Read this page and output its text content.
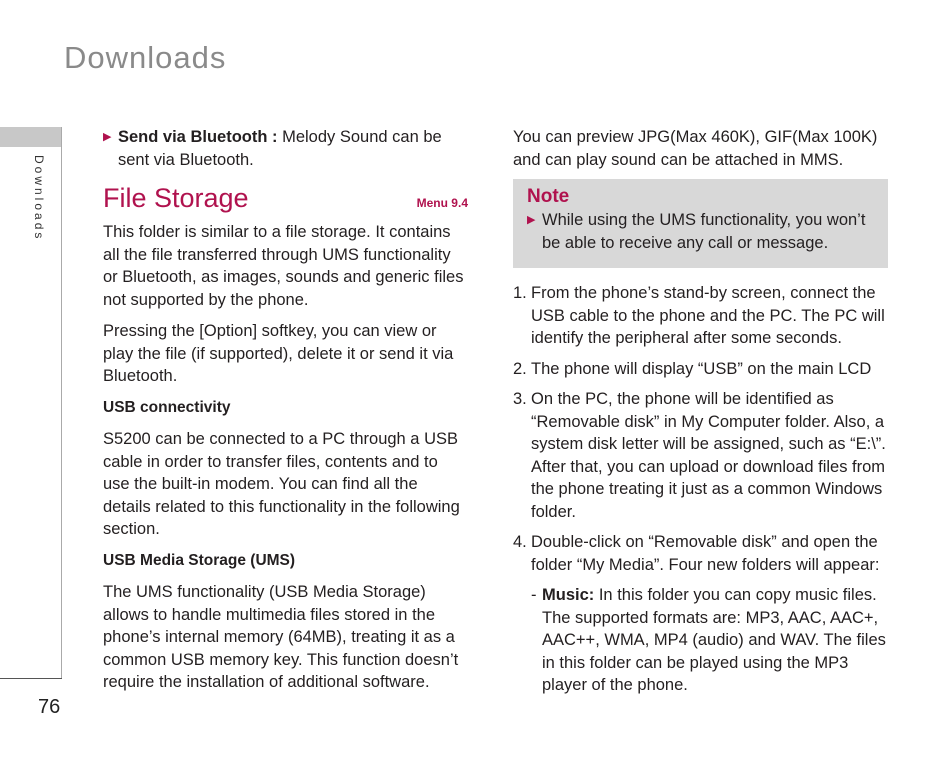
Downloads
Downloads
76
▶ Send via Bluetooth : Melody Sound can be sent via Bluetooth.

File Storage	Menu 9.4

This folder is similar to a file storage. It contains all the file transferred through UMS functionality or Bluetooth, as images, sounds and generic files not supported by the phone.

Pressing the [Option] softkey, you can view or play the file (if supported), delete it or send it via Bluetooth.

USB connectivity

S5200 can be connected to a PC through a USB cable in order to transfer files, contents and to use the built-in modem. You can find all the details related to this functionality in the following section.

USB Media Storage (UMS)

The UMS functionality (USB Media Storage) allows to handle multimedia files stored in the phone’s internal memory (64MB), treating it as a common USB memory key. This function doesn’t require the installation of additional software.

You can preview JPG(Max 460K), GIF(Max 100K) and can play sound can be attached in MMS.

Note
▶ While using the UMS functionality, you won’t be able to receive any call or message.

1. From the phone’s stand-by screen, connect the USB cable to the phone and the PC. The PC will identify the peripheral after some seconds.

2. The phone will display “USB” on the main LCD

3. On the PC, the phone will be identified as “Removable disk” in My Computer folder. Also, a system disk letter will be assigned, such as “E:\”. After that, you can upload or download files from the phone treating it just as a common Windows folder.

4. Double-click on “Removable disk” and open the folder “My Media”. Four new folders will appear:

- Music: In this folder you can copy music files. The supported formats are: MP3, AAC, AAC+, AAC++, WMA, MP4 (audio) and WAV. The files in this folder can be played using the MP3 player of the phone.
